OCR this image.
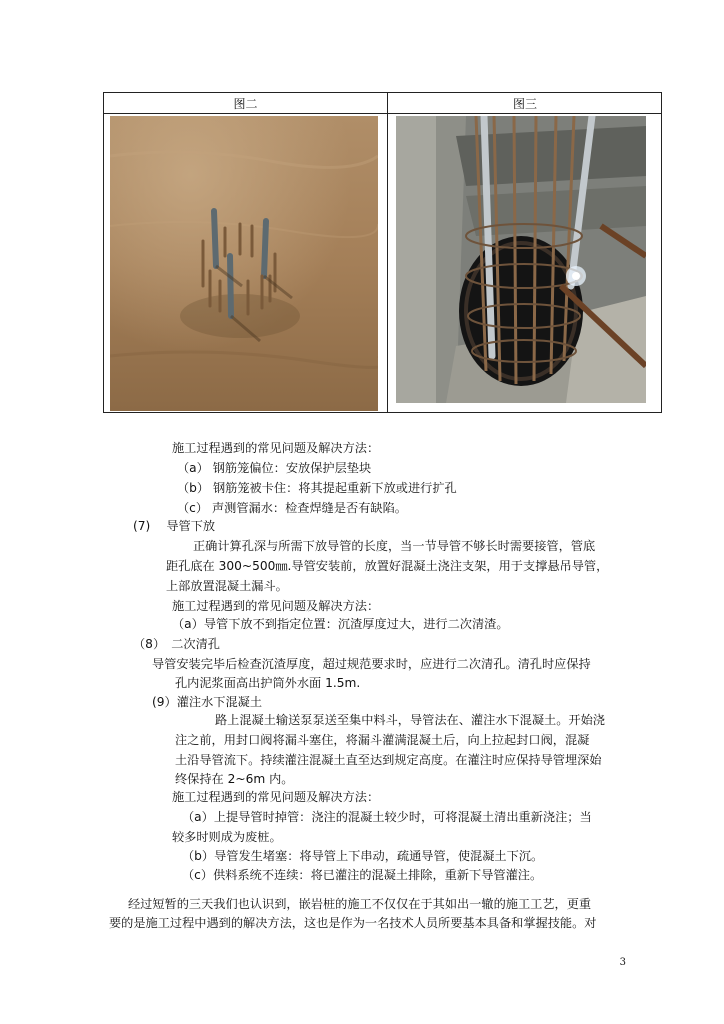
图二	图三
施工过程遇到的常见问题及解决方法：
（a） 钢筋笼偏位：安放保护层垫块
（b） 钢筋笼被卡住：将其提起重新下放或进行扩孔
（c） 声测管漏水：检查焊缝是否有缺陷。
(7)　 导管下放
正确计算孔深与所需下放导管的长度，当一节导管不够长时需要接管，管底
距孔底在 300~500㎜.导管安装前，放置好混凝土浇注支架，用于支撑悬吊导管，
上部放置混凝土漏斗。
施工过程遇到的常见问题及解决方法：
（a）导管下放不到指定位置：沉渣厚度过大，进行二次清渣。
（8）　二次清孔
导管安装完毕后检查沉渣厚度，超过规范要求时，应进行二次清孔。清孔时应保持
孔内泥浆面高出护筒外水面 1.5m.
(9）灌注水下混凝土
路上混凝土输送泵泵送至集中料斗，导管法在、灌注水下混凝土。开始浇
注之前，用封口阀将漏斗塞住，将漏斗灌满混凝土后，向上拉起封口阀，混凝
土沿导管流下。持续灌注混凝土直至达到规定高度。在灌注时应保持导管埋深始
终保持在 2~6m 内。
施工过程遇到的常见问题及解决方法：
（a）上提导管时掉管：浇注的混凝土较少时，可将混凝土清出重新浇注；当
较多时则成为废桩。
（b）导管发生堵塞：将导管上下串动，疏通导管，使混凝土下沉。
（c）供料系统不连续：将已灌注的混凝土排除，重新下导管灌注。
经过短暂的三天我们也认识到，嵌岩桩的施工不仅仅在于其如出一辙的施工工艺，更重
要的是施工过程中遇到的解决方法，这也是作为一名技术人员所要基本具备和掌握技能。对
3
